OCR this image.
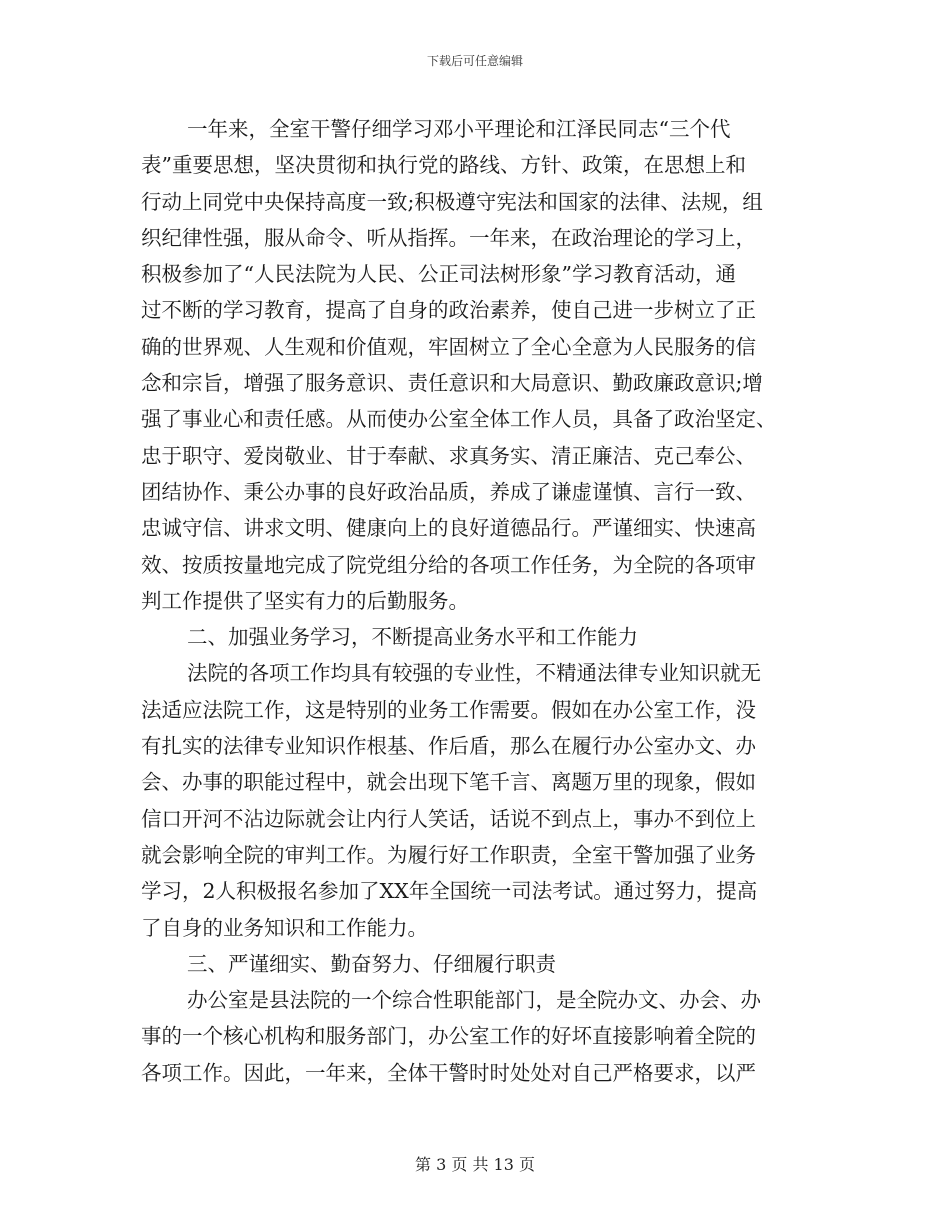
下载后可任意编辑
一年来，全室干警仔细学习邓小平理论和江泽民同志“三个代
表”重要思想，坚决贯彻和执行党的路线、方针、政策，在思想上和
行动上同党中央保持高度一致;积极遵守宪法和国家的法律、法规，组
织纪律性强，服从命令、听从指挥。一年来，在政治理论的学习上，
积极参加了“人民法院为人民、公正司法树形象”学习教育活动，通
过不断的学习教育，提高了自身的政治素养，使自己进一步树立了正
确的世界观、人生观和价值观，牢固树立了全心全意为人民服务的信
念和宗旨，增强了服务意识、责任意识和大局意识、勤政廉政意识;增
强了事业心和责任感。从而使办公室全体工作人员，具备了政治坚定、
忠于职守、爱岗敬业、甘于奉献、求真务实、清正廉洁、克己奉公、
团结协作、秉公办事的良好政治品质，养成了谦虚谨慎、言行一致、
忠诚守信、讲求文明、健康向上的良好道德品行。严谨细实、快速高
效、按质按量地完成了院党组分给的各项工作任务，为全院的各项审
判工作提供了坚实有力的后勤服务。
二、加强业务学习，不断提高业务水平和工作能力
法院的各项工作均具有较强的专业性，不精通法律专业知识就无
法适应法院工作，这是特别的业务工作需要。假如在办公室工作，没
有扎实的法律专业知识作根基、作后盾，那么在履行办公室办文、办
会、办事的职能过程中，就会出现下笔千言、离题万里的现象，假如
信口开河不沾边际就会让内行人笑话，话说不到点上，事办不到位上
就会影响全院的审判工作。为履行好工作职责，全室干警加强了业务
学习，2人积极报名参加了XX年全国统一司法考试。通过努力，提高
了自身的业务知识和工作能力。
三、严谨细实、勤奋努力、仔细履行职责
办公室是县法院的一个综合性职能部门，是全院办文、办会、办
事的一个核心机构和服务部门，办公室工作的好坏直接影响着全院的
各项工作。因此，一年来，全体干警时时处处对自己严格要求，以严
第 3 页 共 13 页
